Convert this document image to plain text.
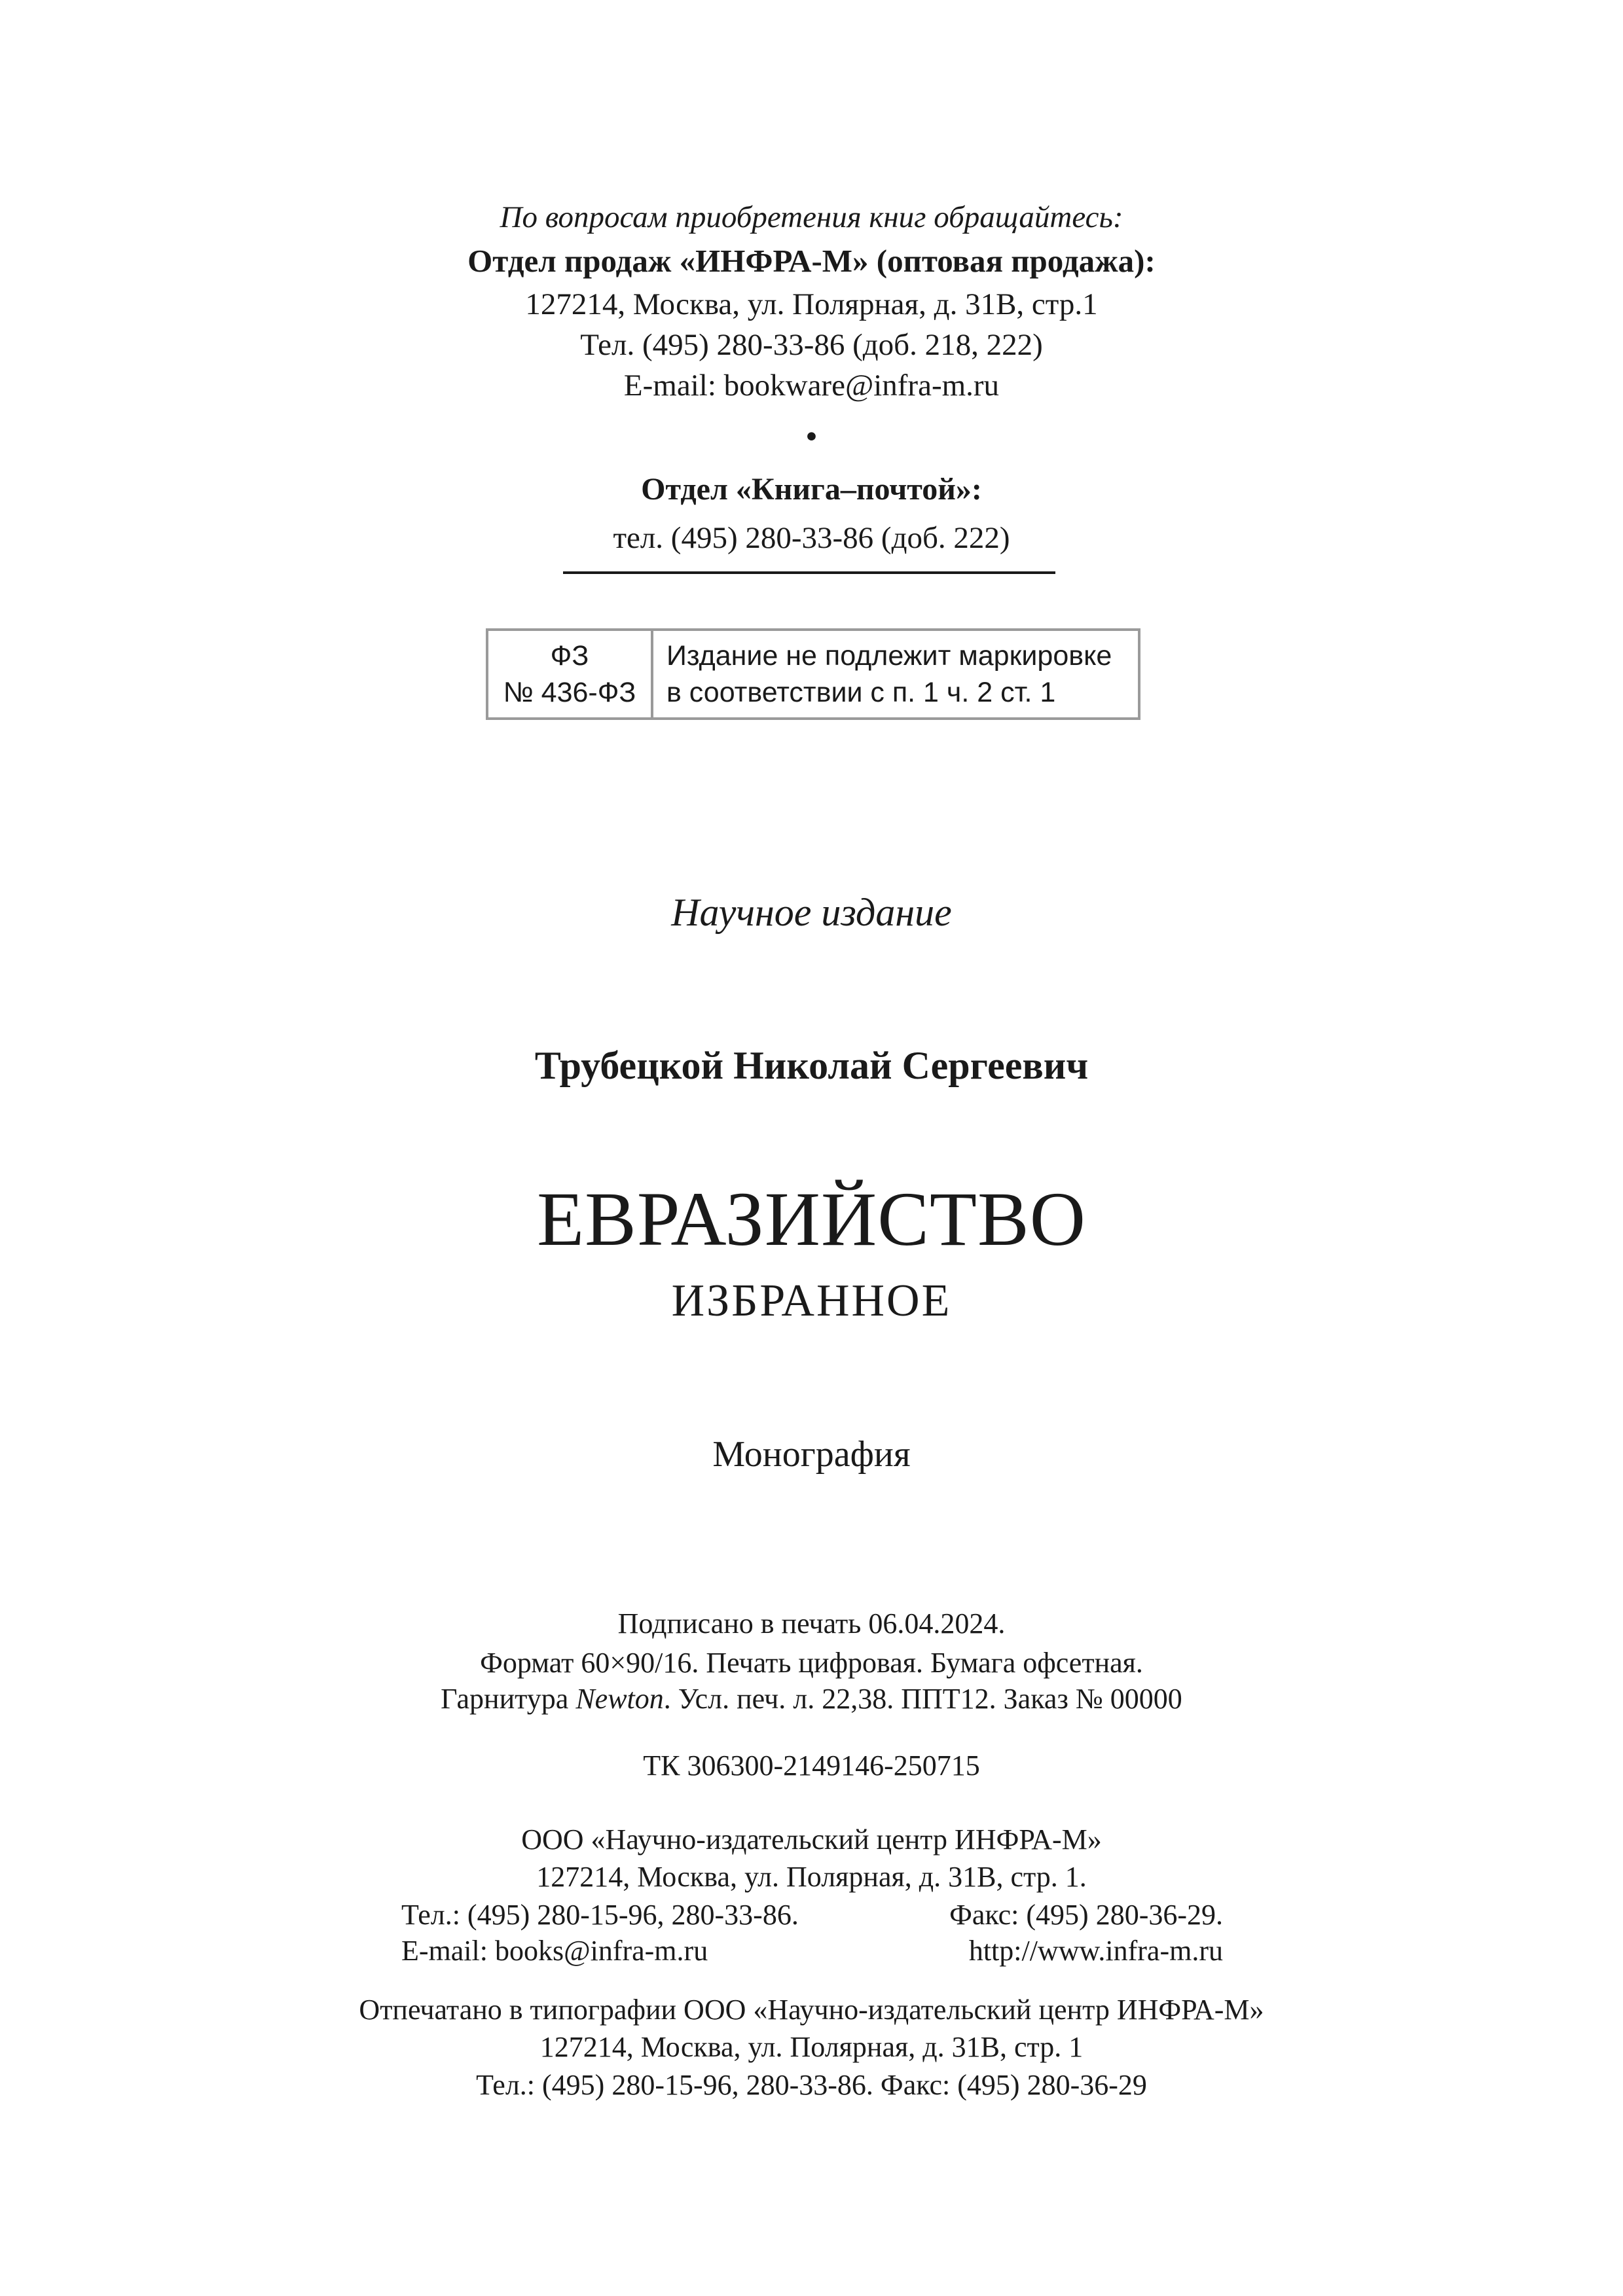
По вопросам приобретения книг обращайтесь:
Отдел продаж «ИНФРА-М» (оптовая продажа):
127214, Москва, ул. Полярная, д. 31В, стр.1
Тел. (495) 280-33-86 (доб. 218, 222)
E-mail: bookware@infra-m.ru
•
Отдел «Книга–почтой»:
тел. (495) 280-33-86 (доб. 222)
ФЗ
№ 436-ФЗ
Издание не подлежит маркировке
в соответствии с п. 1 ч. 2 ст. 1
Научное издание
Трубецкой Николай Сергеевич
ЕВРАЗИЙСТВО
ИЗБРАННОЕ
Монография
Подписано в печать 06.04.2024.
Формат 60×90/16. Печать цифровая. Бумага офсетная.
Гарнитура Newton. Усл. печ. л. 22,38. ППТ12. Заказ № 00000
ТК 306300-2149146-250715
ООО «Научно-издательский центр ИНФРА-М»
127214, Москва, ул. Полярная, д. 31В, стр. 1.
Тел.: (495) 280-15-96, 280-33-86.	Факс: (495) 280-36-29.
E-mail: books@infra-m.ru	http://www.infra-m.ru
Отпечатано в типографии ООО «Научно-издательский центр ИНФРА-М»
127214, Москва, ул. Полярная, д. 31В, стр. 1
Тел.: (495) 280-15-96, 280-33-86. Факс: (495) 280-36-29
